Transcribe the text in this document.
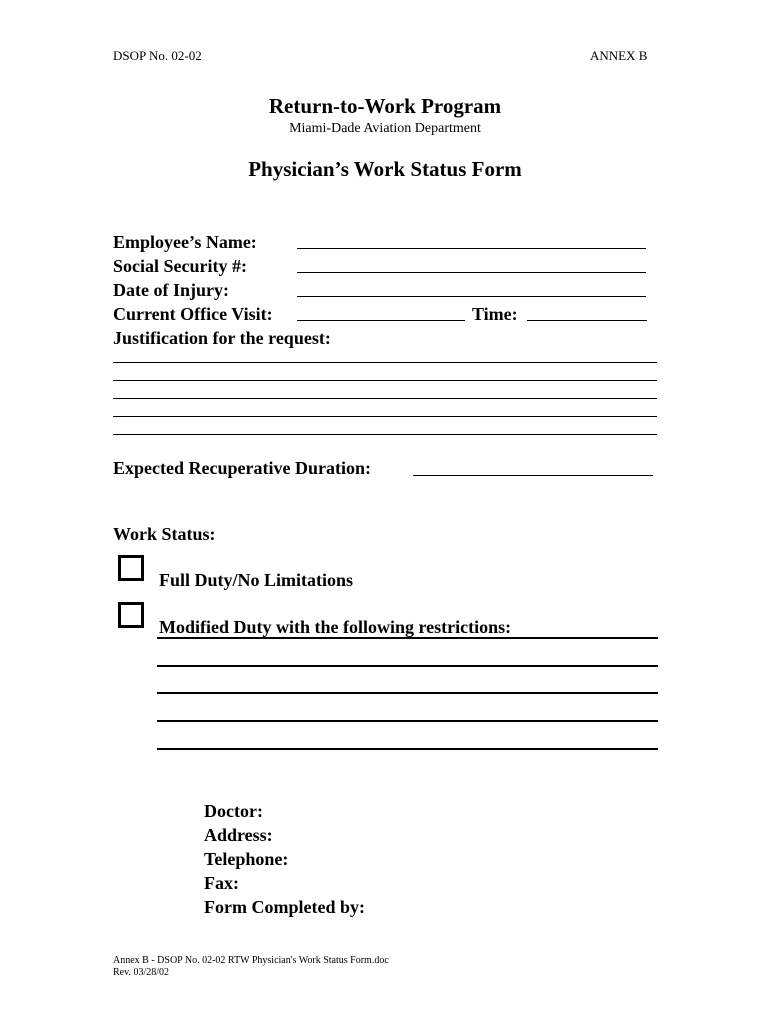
DSOP No. 02-02	ANNEX B
Return-to-Work Program
Miami-Dade Aviation Department
Physician’s Work Status Form
Employee’s Name:
Social Security #:
Date of Injury:
Current Office Visit:	Time:
Justification for the request:
Expected Recuperative Duration:
Work Status:
Full Duty/No Limitations
Modified Duty with the following restrictions:
Doctor:
Address:
Telephone:
Fax:
Form Completed by:
Annex B - DSOP No. 02-02 RTW Physician's Work Status Form.doc
Rev. 03/28/02
